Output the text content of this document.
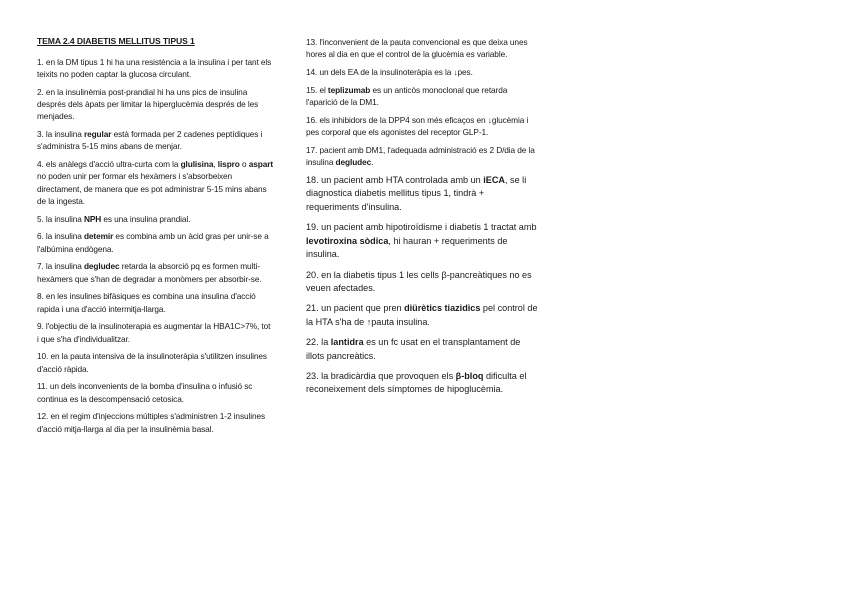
TEMA 2.4 DIABETIS MELLITUS TIPUS 1

1. en la DM tipus 1 hi ha una resistència a la insulina i per tant els teixits no poden captar la glucosa circulant.

2. en la insulinèmia post-prandial hi ha uns pics de insulina després dels àpats per limitar la hiperglucèmia després de les menjades.

3. la insulina regular està formada per 2 cadenes peptídiques i s'administra 5-15 mins abans de menjar.

4. els anàlegs d'acció ultra-curta com la glulisina, lispro o aspart no poden unir per formar els hexàmers i s'absorbeixen directament, de manera que es pot administrar 5-15 mins abans de la ingesta.

5. la insulina NPH es una insulina prandial.

6. la insulina detemir es combina amb un àcid gras per unir-se a l'albúmina endògena.

7. la insulina degludec retarda la absorció pq es formen multi-hexàmers que s'han de degradar a monòmers per absorbir-se.

8. en les insulines bifàsiques es combina una insulina d'acció rapida i una d'acció intermitja-llarga.

9. l'objectiu de la insulinoterapia es augmentar la HBA1C>7%, tot i que s'ha d'individualitzar.

10. en la pauta intensiva de la insulinoteràpia s'utilitzen insulines d'acció ràpida.

11. un dels inconvenients de la bomba d'insulina o infusió sc continua es la descompensació cetosica.

12. en el regim d'injeccions múltiples s'administren 1-2 insulines d'acció mitja-llarga al dia per la insulinèmia basal.

13. l'inconvenient de la pauta convencional es que deixa unes hores al dia en que el control de la glucèmia es variable.

14. un dels EA de la insulinoteràpia es la ↓pes.

15. el teplizumab es un anticòs monoclonal que retarda l'aparició de la DM1.

16. els inhibidors de la DPP4 son més eficaços en ↓glucèmia i pes corporal que els agonistes del receptor GLP-1.

17. pacient amb DM1, l'adequada administració es 2 D/dia de la insulina degludec.

18. un pacient amb HTA controlada amb un iECA, se li diagnostica diabetis mellitus tipus 1, tindrà + requeriments d'insulina.

19. un pacient amb hipotiroïdisme i diabetis 1 tractat amb levotiroxina sòdica, hi hauran + requeriments de insulina.

20. en la diabetis tipus 1 les cells β-pancreàtiques no es veuen afectades.

21. un pacient que pren diürètics tiazidics pel control de la HTA s'ha de ↑pauta insulina.

22. la lantidra es un fc usat en el transplantament de illots pancreàtics.

23. la bradicàrdia que provoquen els β-bloq dificulta el reconeixement dels símptomes de hipoglucèmia.
